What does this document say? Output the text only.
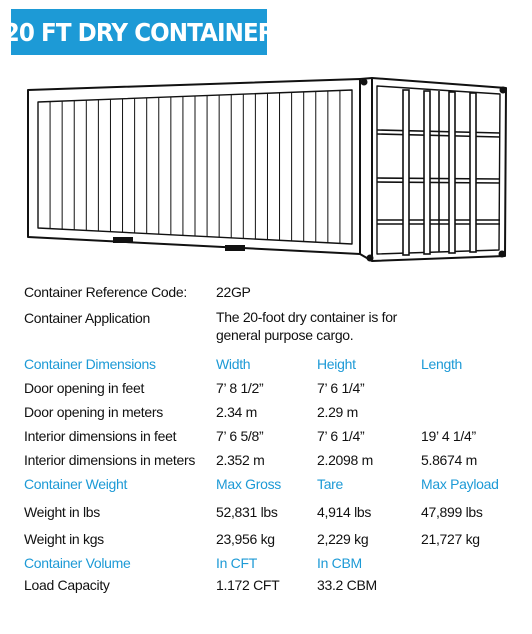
20 FT DRY CONTAINER
Container Reference Code: 22GP
Container Application	The 20-foot dry container is for general purpose cargo.
Container Dimensions	Width	Height	Length
Door opening in feet	7’ 8 1/2”	7’ 6 1/4”
Door opening in meters	2.34 m	2.29 m
Interior dimensions in feet	7’ 6 5/8”	7’ 6 1/4”	19’ 4 1/4”
Interior dimensions in meters 2.352 m	2.2098 m	5.8674 m
Container Weight	Max Gross	Tare	Max Payload
Weight in lbs	52,831 lbs	4,914 lbs	47,899 lbs
Weight in kgs	23,956 kg	2,229 kg	21,727 kg
Container Volume	In CFT	In CBM
Load Capacity	1.172 CFT	33.2 CBM
